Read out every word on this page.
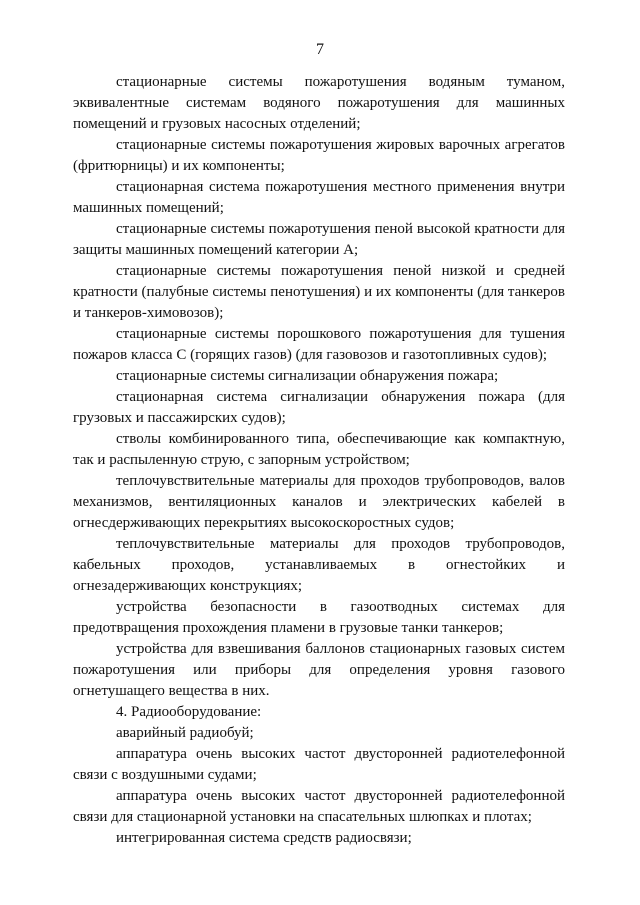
7

стационарные системы пожаротушения водяным туманом, эквивалентные системам водяного пожаротушения для машинных помещений и грузовых насосных отделений;

стационарные системы пожаротушения жировых варочных агрегатов (фритюрницы) и их компоненты;

стационарная система пожаротушения местного применения внутри машинных помещений;

стационарные системы пожаротушения пеной высокой кратности для защиты машинных помещений категории А;

стационарные системы пожаротушения пеной низкой и средней кратности (палубные системы пенотушения) и их компоненты (для танкеров и танкеров-химовозов);

стационарные системы порошкового пожаротушения для тушения пожаров класса С (горящих газов) (для газовозов и газотопливных судов);

стационарные системы сигнализации обнаружения пожара;

стационарная система сигнализации обнаружения пожара (для грузовых и пассажирских судов);

стволы комбинированного типа, обеспечивающие как компактную, так и распыленную струю, с запорным устройством;

теплочувствительные материалы для проходов трубопроводов, валов механизмов, вентиляционных каналов и электрических кабелей в огнесдерживающих перекрытиях высокоскоростных судов;

теплочувствительные материалы для проходов трубопроводов, кабельных проходов, устанавливаемых в огнестойких и огнезадерживающих конструкциях;

устройства безопасности в газоотводных системах для предотвращения прохождения пламени в грузовые танки танкеров;

устройства для взвешивания баллонов стационарных газовых систем пожаротушения или приборы для определения уровня газового огнетушащего вещества в них.

4. Радиооборудование:

аварийный радиобуй;

аппаратура очень высоких частот двусторонней радиотелефонной связи с воздушными судами;

аппаратура очень высоких частот двусторонней радиотелефонной связи для стационарной установки на спасательных шлюпках и плотах;

интегрированная система средств радиосвязи;
